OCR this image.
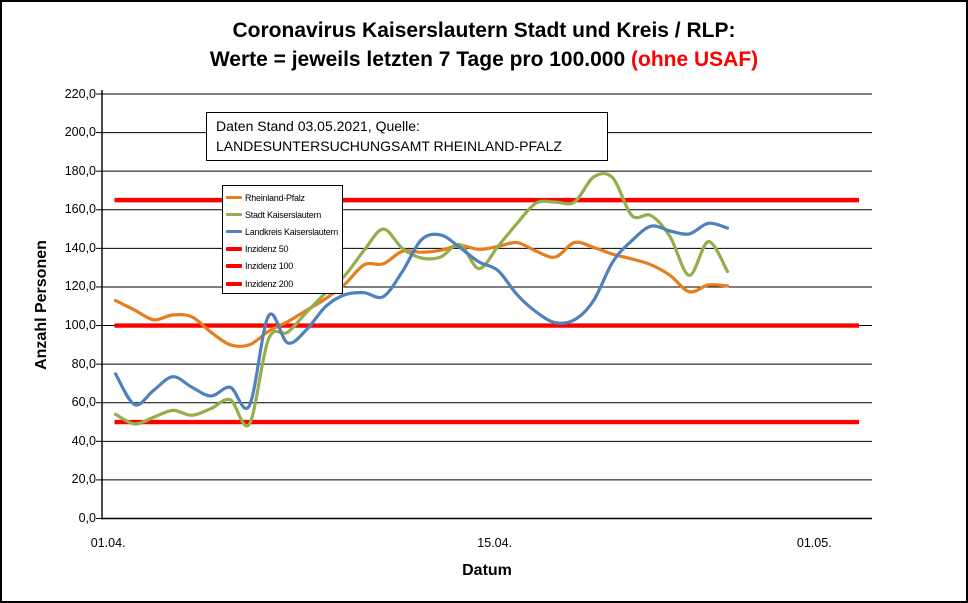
Coronavirus Kaiserslautern Stadt und Kreis / RLP:
Werte = jeweils letzten 7 Tage pro 100.000 (ohne USAF)
Daten Stand 03.05.2021, Quelle: LANDESUNTERSUCHUNGSAMT RHEINLAND-PFALZ
0,0
20,0
40,0
60,0
80,0
100,0
120,0
140,0
160,0
180,0
200,0
220,0
01.04.	15.04.	01.05.
Anzahl Personen
Datum
Rheinland-Pfalz
Stadt Kaiserslautern
Landkreis Kaiserslautern
Inzidenz 50
Inzidenz 100
Inzidenz 200
